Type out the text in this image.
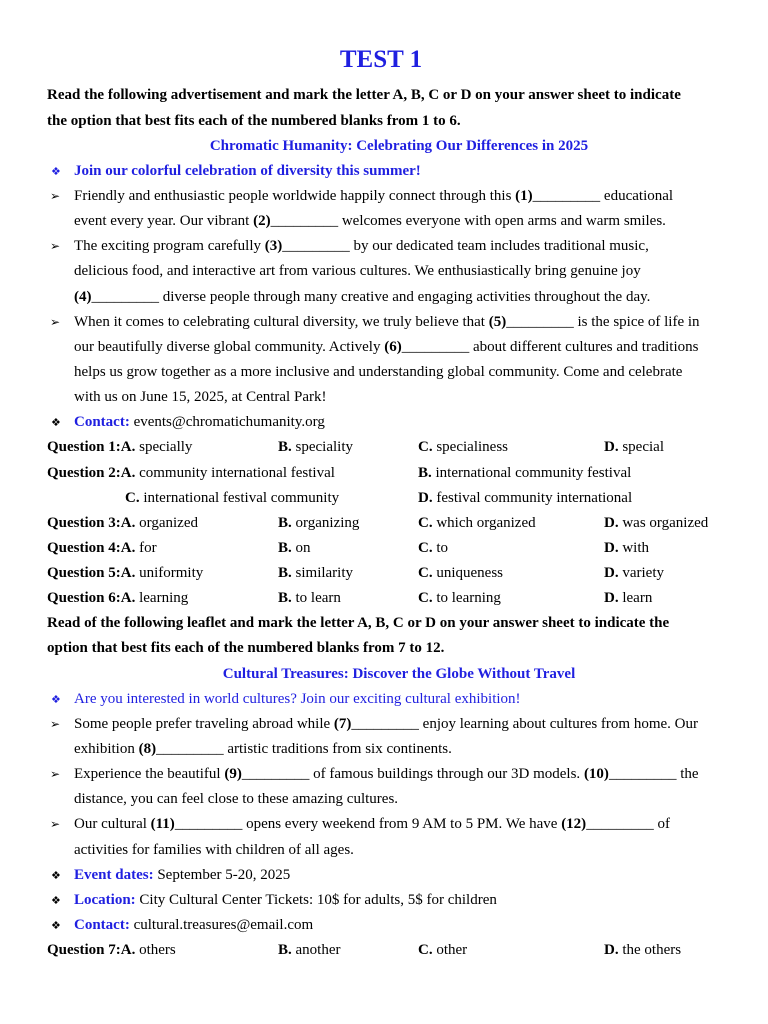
TEST 1
Read the following advertisement and mark the letter A, B, C or D on your answer sheet to indicate
the option that best fits each of the numbered blanks from 1 to 6.
Chromatic Humanity: Celebrating Our Differences in 2025
❖ Join our colorful celebration of diversity this summer!
➢ Friendly and enthusiastic people worldwide happily connect through this (1)_________ educational
event every year. Our vibrant (2)_________ welcomes everyone with open arms and warm smiles.
➢ The exciting program carefully (3)_________ by our dedicated team includes traditional music,
delicious food, and interactive art from various cultures. We enthusiastically bring genuine joy
(4)_________ diverse people through many creative and engaging activities throughout the day.
➢ When it comes to celebrating cultural diversity, we truly believe that (5)_________ is the spice of life in
our beautifully diverse global community. Actively (6)_________ about different cultures and traditions
helps us grow together as a more inclusive and understanding global community. Come and celebrate
with us on June 15, 2025, at Central Park!
❖ Contact: events@chromatichumanity.org
Question 1:A. specially	B. speciality	C. specialiness	D. special
Question 2:A. community international festival	B. international community festival
C. international festival community	D. festival community international
Question 3:A. organized	B. organizing	C. which organized	D. was organized
Question 4:A. for	B. on	C. to	D. with
Question 5:A. uniformity	B. similarity	C. uniqueness	D. variety
Question 6:A. learning	B. to learn	C. to learning	D. learn
Read of the following leaflet and mark the letter A, B, C or D on your answer sheet to indicate the
option that best fits each of the numbered blanks from 7 to 12.
Cultural Treasures: Discover the Globe Without Travel
❖ Are you interested in world cultures? Join our exciting cultural exhibition!
➢ Some people prefer traveling abroad while (7)_________ enjoy learning about cultures from home. Our
exhibition (8)_________ artistic traditions from six continents.
➢ Experience the beautiful (9)_________ of famous buildings through our 3D models. (10)_________ the
distance, you can feel close to these amazing cultures.
➢ Our cultural (11)_________ opens every weekend from 9 AM to 5 PM. We have (12)_________ of
activities for families with children of all ages.
❖ Event dates: September 5-20, 2025
❖ Location: City Cultural Center Tickets: 10$ for adults, 5$ for children
❖ Contact: cultural.treasures@email.com
Question 7:A. others	B. another	C. other	D. the others
